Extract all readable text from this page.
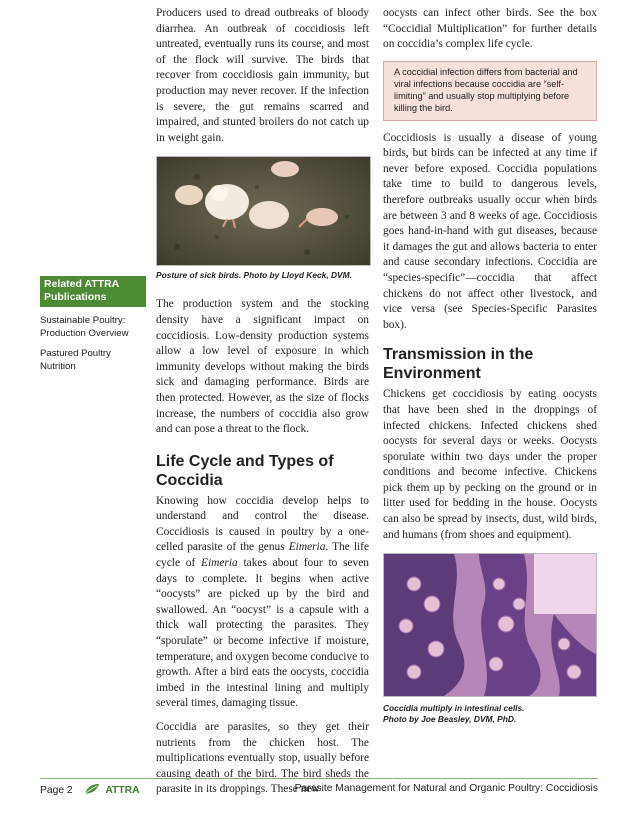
Producers used to dread outbreaks of bloody diarrhea. An outbreak of coccidiosis left untreated, eventually runs its course, and most of the flock will survive. The birds that recover from coccidiosis gain immunity, but production may never recover. If the infection is severe, the gut remains scarred and impaired, and stunted broilers do not catch up in weight gain.

Posture of sick birds. Photo by Lloyd Keck, DVM.

The production system and the stocking density have a significant impact on coccidiosis. Low-density production systems allow a low level of exposure in which immunity develops without making the birds sick and damaging performance. Birds are then protected. However, as the size of flocks increase, the numbers of coccidia also grow and can pose a threat to the flock.

Life Cycle and Types of Coccidia

Knowing how coccidia develop helps to understand and control the disease. Coccidiosis is caused in poultry by a one-celled parasite of the genus Eimeria. The life cycle of Eimeria takes about four to seven days to complete. It begins when active “oocysts” are picked up by the bird and swallowed. An “oocyst” is a capsule with a thick wall protecting the parasites. They “sporulate” or become infective if moisture, temperature, and oxygen become conducive to growth. After a bird eats the oocysts, coccidia imbed in the intestinal lining and multiply several times, damaging tissue.

Coccidia are parasites, so they get their nutrients from the chicken host. The multiplications eventually stop, usually before causing death of the bird. The bird sheds the parasite in its droppings. These new

oocysts can infect other birds. See the box “Coccidial Multiplication” for further details on coccidia’s complex life cycle.

A coccidial infection differs from bacterial and viral infections because coccidia are “self-limiting” and usually stop multiplying before killing the bird.

Coccidiosis is usually a disease of young birds, but birds can be infected at any time if never before exposed. Coccidia populations take time to build to dangerous levels, therefore outbreaks usually occur when birds are between 3 and 8 weeks of age. Coccidiosis goes hand-in-hand with gut diseases, because it damages the gut and allows bacteria to enter and cause secondary infections. Coccidia are “species-specific”—coccidia that affect chickens do not affect other livestock, and vice versa (see Species-Specific Parasites box).

Transmission in the Environment

Chickens get coccidiosis by eating oocysts that have been shed in the droppings of infected chickens. Infected chickens shed oocysts for several days or weeks. Oocysts sporulate within two days under the proper conditions and become infective. Chickens pick them up by pecking on the ground or in litter used for bedding in the house. Oocysts can also be spread by insects, dust, wild birds, and humans (from shoes and equipment).

Coccidia multiply in intestinal cells.
Photo by Joe Beasley, DVM, PhD.
Related ATTRA Publications
Sustainable Poultry: Production Overview
Pastured Poultry Nutrition
Page 2	ATTRA	Parasite Management for Natural and Organic Poultry: Coccidiosis
